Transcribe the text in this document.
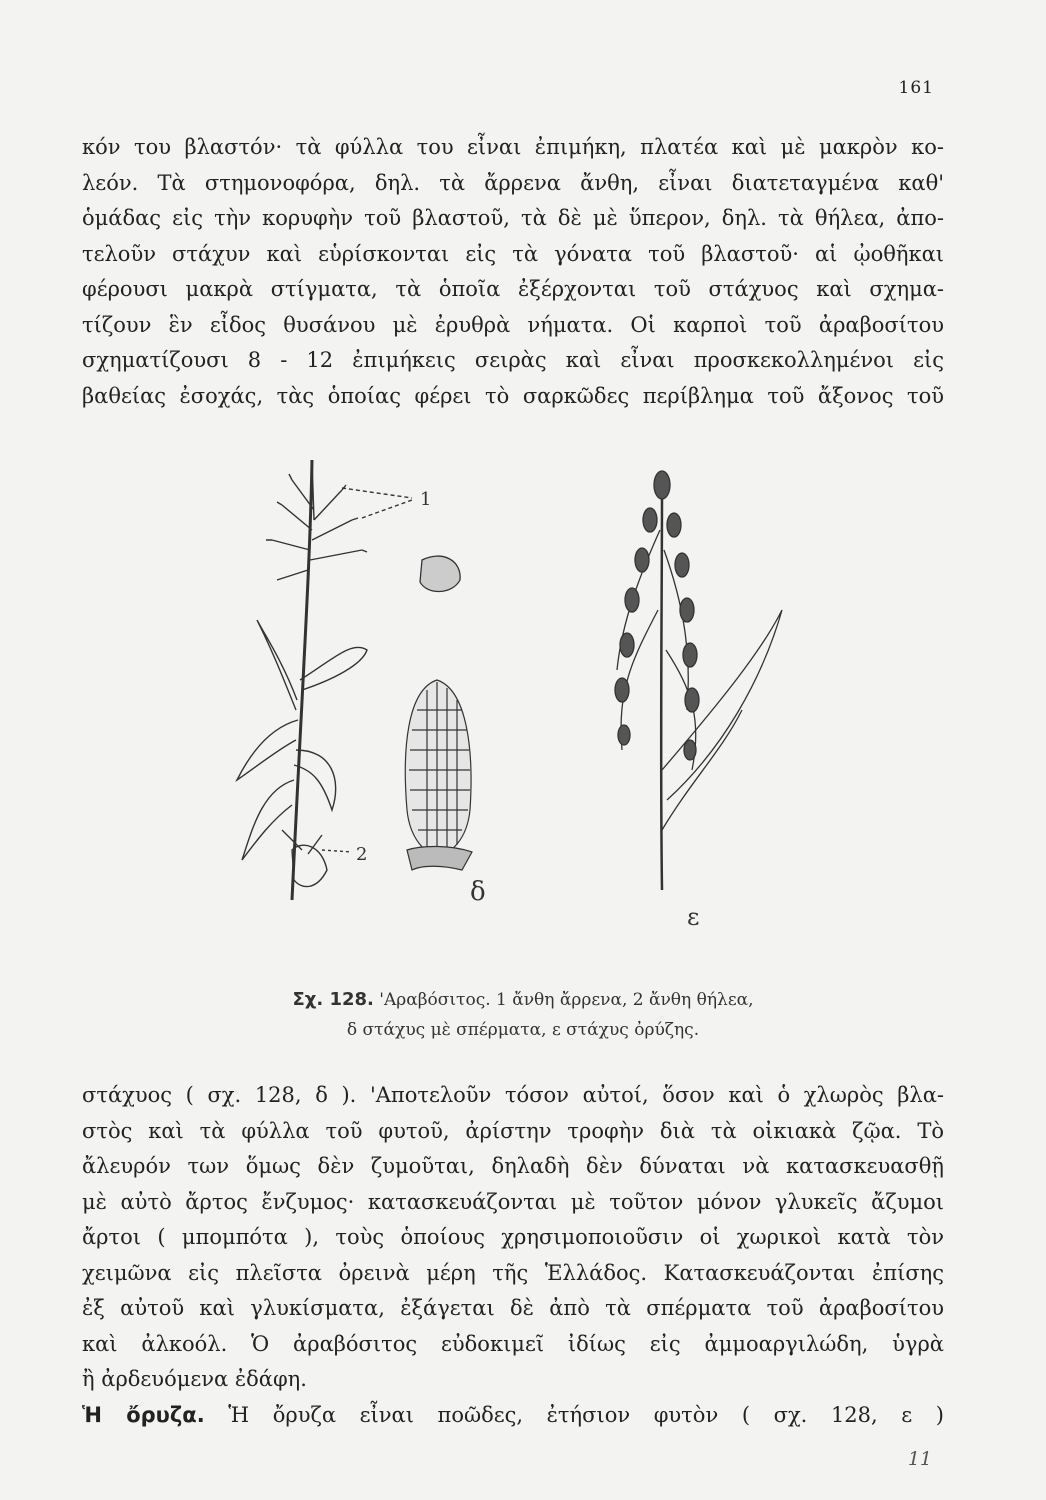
161
κόν του βλαστόν· τὰ φύλλα του εἶναι ἐπιμήκη, πλατέα καὶ μὲ μακρὸν κο-
λεόν. Τὰ στημονοφόρα, δηλ. τὰ ἄρρενα ἄνθη, εἶναι διατεταγμένα καθ'
ὁμάδας εἰς τὴν κορυφὴν τοῦ βλαστοῦ, τὰ δὲ μὲ ὕπερον, δηλ. τὰ θήλεα, ἀπο-
τελοῦν στάχυν καὶ εὑρίσκονται εἰς τὰ γόνατα τοῦ βλαστοῦ· αἱ ᾠοθῆκαι
φέρουσι μακρὰ στίγματα, τὰ ὁποῖα ἐξέρχονται τοῦ στάχυος καὶ σχημα-
τίζουν ἓν εἶδος θυσάνου μὲ ἐρυθρὰ νήματα. Οἱ καρποὶ τοῦ ἀραβοσίτου
σχηματίζουσι 8 - 12 ἐπιμήκεις σειρὰς καὶ εἶναι προσκεκολλημένοι εἰς
βαθείας ἐσοχάς, τὰς ὁποίας φέρει τὸ σαρκῶδες περίβλημα τοῦ ἄξονος τοῦ
1
2
δ
ε
Σχ. 128. 'Αραβόσιτος. 1 ἄνθη ἄρρενα, 2 ἄνθη θήλεα,
δ στάχυς μὲ σπέρματα, ε στάχυς ὀρύζης.
στάχυος ( σχ. 128, δ ). 'Αποτελοῦν τόσον αὐτοί, ὅσον καὶ ὁ χλωρὸς βλα-
στὸς καὶ τὰ φύλλα τοῦ φυτοῦ, ἀρίστην τροφὴν διὰ τὰ οἰκιακὰ ζῷα. Τὸ
ἄλευρόν των ὅμως δὲν ζυμοῦται, δηλαδὴ δὲν δύναται νὰ κατασκευασθῇ
μὲ αὐτὸ ἄρτος ἔνζυμος· κατασκευάζονται μὲ τοῦτον μόνον γλυκεῖς ἄζυμοι
ἄρτοι ( μπομπότα ), τοὺς ὁποίους χρησιμοποιοῦσιν οἱ χωρικοὶ κατὰ τὸν
χειμῶνα εἰς πλεῖστα ὀρεινὰ μέρη τῆς Ἑλλάδος. Κατασκευάζονται ἐπίσης
ἐξ αὐτοῦ καὶ γλυκίσματα, ἐξάγεται δὲ ἀπὸ τὰ σπέρματα τοῦ ἀραβοσίτου
καὶ ἀλκοόλ. Ὁ ἀραβόσιτος εὐδοκιμεῖ ἰδίως εἰς ἀμμοαργιλώδη, ὑγρὰ
ἢ ἀρδευόμενα ἐδάφη.
Ἡ ὄρυζα. Ἡ ὄρυζα εἶναι ποῶδες, ἐτήσιον φυτὸν ( σχ. 128, ε )
11
